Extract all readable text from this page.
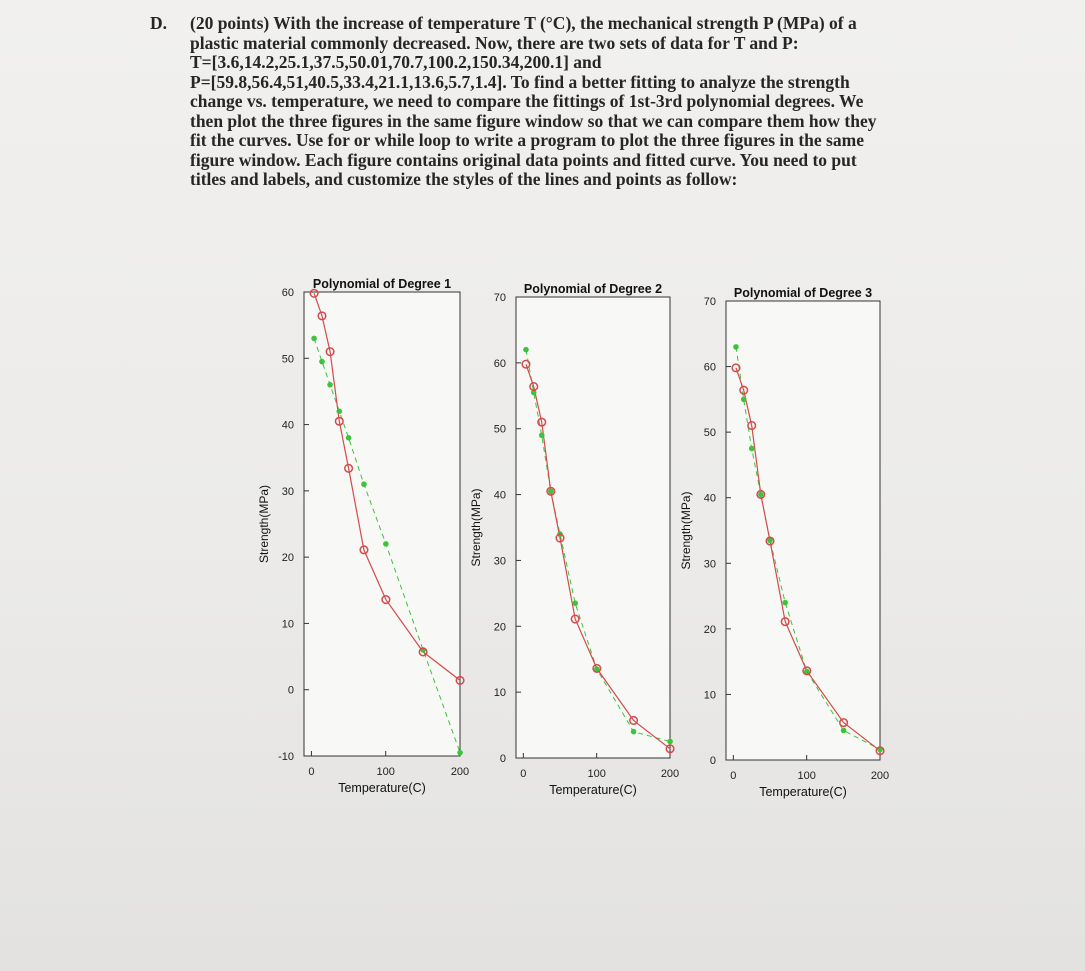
D. (20 points) With the increase of temperature T (°C), the mechanical strength P (MPa) of a

plastic material commonly decreased. Now, there are two sets of data for T and P:

T=[3.6,14.2,25.1,37.5,50.01,70.7,100.2,150.34,200.1] and

P=[59.8,56.4,51,40.5,33.4,21.1,13.6,5.7,1.4]. To find a better fitting to analyze the strength

change vs. temperature, we need to compare the fittings of 1st-3rd polynomial degrees. We

then plot the three figures in the same figure window so that we can compare them how they

fit the curves. Use for or while loop to write a program to plot the three figures in the same

figure window. Each figure contains original data points and fitted curve. You need to put

titles and labels, and customize the styles of the lines and points as follow:

0	100	200
-10
0
10
20
30
40
50
60
Polynomial of Degree 1
Temperature(C)
Strength(MPa)
0	100	200
0
10
20
30
40
50
60
70
Polynomial of Degree 2
Temperature(C)
Strength(MPa)
0	100	200
0
10
20
30
40
50
60
70
Polynomial of Degree 3
Temperature(C)
Strength(MPa)
